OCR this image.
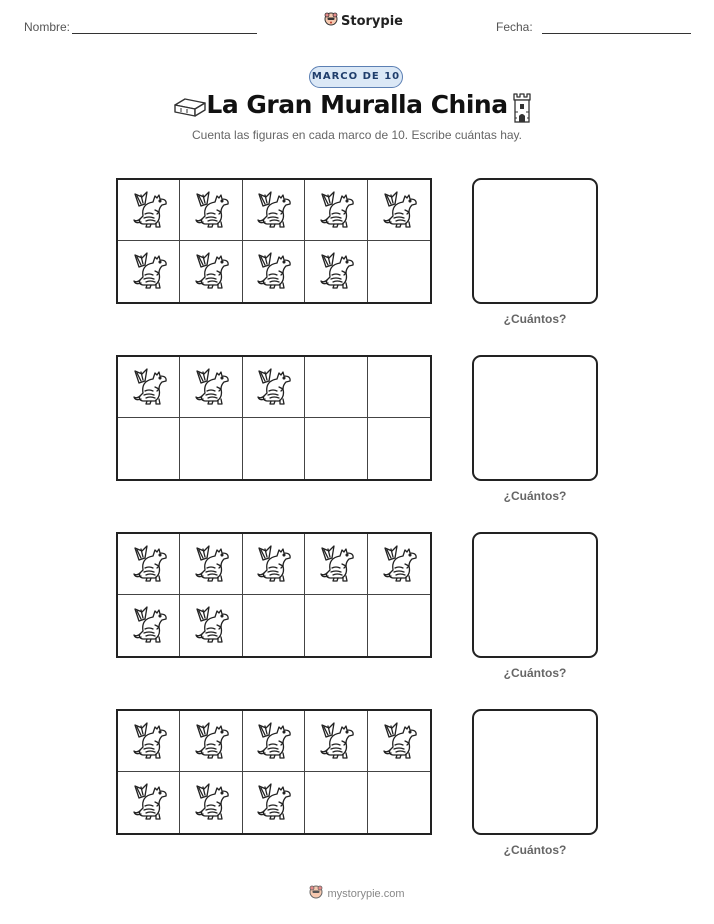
Nombre:	Storypie	Fecha:
MARCO DE 10
La Gran Muralla China
Cuenta las figuras en cada marco de 10. Escribe cuántas hay.
¿Cuántos?
¿Cuántos?
¿Cuántos?
¿Cuántos?
mystorypie.com
